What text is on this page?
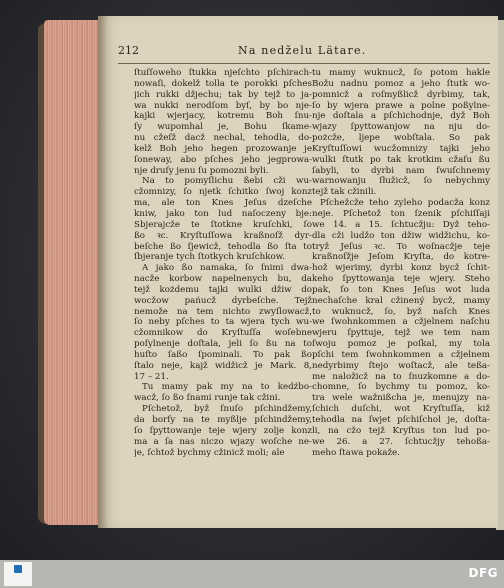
212	Na nedželu Lätare.
ſtuſſoweho ſtukka njeſchto pſchirach-
nowaſi, dokelž tolla te porokki pſches
jich rukki džjechu; tak by tejž to ja-
wa nukki nerodſom byſ, by bo nje-
kajki wjerjacy, kotremu Boh ſnu-
ſy wupomhal je, Bohu ſkame-
nu cžeſž dacž nechal, tehodla, do-
kelž Boh jeho hegen prozowanje je
ſoneway, abo pſches jeho jegprowa-
nje druſy jenu ſu pomozni byli.
Na to pomyſlichu ßebi cži wu-
cžomnizy, ſo njetk ſchitko ſwoj konz
ma, ale ton Knes Jeſus dzeſche
kniw, jako ton lud naſoczeny bje:
Sbjerajcže te ſtotkne kruſchki, ſo
ßo ꝛc. Kryſtuſſowa kraßnoſž dyr-
beſche ßo ſjewicž, tehodla ßo ſta to
ſbjeranje tych ſtotkych kruſchkow.
A jako ßo namaka, ſo ſnimi dwa-
nacže korbow napelnenych bu, da
tejž kożdemu tajki wulki džiw do
wocžow pańucž dyrbeſche. Tejž
nemože na tem nichto zwyſlowacž,
ſo neby pſches to ta wjera tych wu-
cžomnikow do Kryſtuſſa woſebne
poſylnenje doſtala, jeli ſo ßu na to
huſto ſaßo ſpominali. To pak ßo
ſtalo neje, kajž widžicž je Mark. 8,
17 – 21.
Tu mamy pak my na to kedźbo-
wacž, ſo ßo ſnami runje tak cžini.
Pſchetož, byž ſnuſo pſchindžemy,
da borſy na te myßlje pſchindžemy,
ſo ſpyttowanje teje wjery zolje konz
ma a ſa nas niczo wjazy woſche ne-
je, ſchtož bychmy cžinicž moli; ale
tu mamy wuknucž, ſo potom hakle
Božu nadnu pomoz a jeho ſtutk wo-
pomnicž a roſmyßlicž dyrbimy, tak,
ſo by wjera prawe a polne poßylne-
nje doſtala a pſchichodnje, dyž Boh
wjazy ſpyttowanjow na nju do-
pożcže, ljepe wobſtala. So pak
Kryſtuſſowi wucžomnizy tajki jeho
wulki ſtutk po tak krotkim cžaſu ßu
ſabyli, to dyrbi nam ſwuſchnemy
warnowanju ſłužicž, ſo nebychmy
tejž tak cžinili.
Pſchežcže teho zyleho podacža konz
neje. Pſchetož ton ſzenik pſchiſſaji
we 14. a 15. ſchtucžju: Dyž teho-
dla cži ludžo ton džiw widžichu, ko-
tryž Jeſus ꝛc. To woſnacžje teje
kraßnoſžje Jeſom Kryſta, do kotre-
hož wjerimy, dyrbi konz bycž ſchit-
keho ſpyttowanja teje wjery. Steho
pak, ſo ton Knes Jeſus wot luda
nechaſche kral cžinený bycž, mamy
to wuknucž, ſo, byž naſch Knes
we ſwohnkommen a cžjelnem naſchu
wjeru ſpyttuje, tejž we tem nam
ſwoju pomoz je poſkal, my tola
pſchi tem ſwohnkommen a cžjelnem
nedyrbimy ſtejo woſtacž, ale teßa-
me naložicž na to ſnuzkomne a do-
chomne, ſo bychmy tu pomoz, ko-
tra wele wažnißcha je, menujzy na-
ſchich duſchi, wot Kryſtuſſa, kiž
tehodla na ſwjet pſchiſchol je, doſta-
li, na cžo tejž Kryſtus ton lud po-
we 26. a 27. ſchtucžjy tehoßa-
meho ſtawa pokaže.
DFG
